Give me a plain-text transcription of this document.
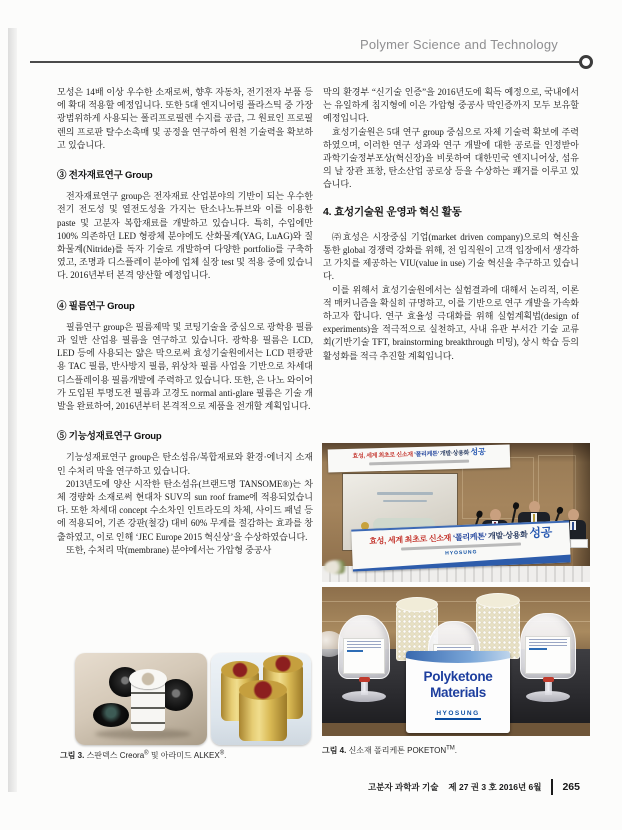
Polymer Science and Technology

모성은 14배 이상 우수한 소재로써, 향후 자동차, 전기전자 부품 등에 확대 적용할 예정입니다. 또한 5대 엔지니어링 플라스틱 중 가장 광범위하게 사용되는 폴리프로필렌 수지를 공급, 그 원료인 프로필렌의 프로판 탈수소촉매 및 공정을 연구하여 원천 기술력을 확보하고 있습니다.

③ 전자재료연구 Group

전자재료연구 group은 전자재료 산업분야의 기반이 되는 우수한 전기 전도성 및 열전도성을 가지는 탄소나노튜브와 이를 이용한 paste 및 고분자 복합재료를 개발하고 있습니다. 특히, 수입에만 100% 의존하던 LED 형광체 분야에도 산화물계(YAG, LuAG)와 질화물계(Nitride)를 독자 기술로 개발하여 다양한 portfolio를 구축하였고, 조명과 디스플레이 분야에 업체 실장 test 및 적용 중에 있습니다. 2016년부터 본격 양산할 예정입니다.

④ 필름연구 Group

필름연구 group은 필름제막 및 코팅기술을 중심으로 광학용 필름과 일반 산업용 필름을 연구하고 있습니다. 광학용 필름은 LCD, LED 등에 사용되는 얇은 막으로써 효성기술원에서는 LCD 편광판용 TAC 필름, 반사방지 필름, 위상차 필름 사업을 기반으로 차세대 디스플레이용 필름개발에 주력하고 있습니다. 또한, 은 나노 와이어가 도입된 투명도전 필름과 고경도 normal anti-glare 필름은 기술 개발을 완료하여, 2016년부터 본격적으로 제품을 전개할 계획입니다.

⑤ 기능성재료연구 Group

기능성재료연구 group은 탄소섬유/복합재료와 환경·에너지 소재인 수처리 막을 연구하고 있습니다.

2013년도에 양산 시작한 탄소섬유(브랜드명 TANSOME®)는 차체 경량화 소재로써 현대차 SUV의 sun roof frame에 적용되었습니다. 또한 차세대 concept 수소차인 인트라도의 차체, 사이드 패널 등에 적용되어, 기존 강판(철강) 대비 60% 무게를 절감하는 효과를 창출하였고, 이로 인해 ‘JEC Europe 2015 혁신상’을 수상하였습니다.

또한, 수처리 막(membrane) 분야에서는 가압형 중공사

막의 환경부 “신기술 인증”을 2016년도에 획득 예정으로, 국내에서는 유일하게 침지형에 이은 가압형 중공사 막인증까지 모두 보유할 예정입니다.

효성기술원은 5대 연구 group 중심으로 자체 기술력 확보에 주력하였으며, 이러한 연구 성과와 연구 개발에 대한 공로를 인정받아 과학기술정부포상(혁신장)을 비롯하여 대한민국 엔지니어상, 섬유의 날 장관 표창, 탄소산업 공로상 등을 수상하는 쾌거를 이루고 있습니다.

4. 효성기술원 운영과 혁신 활동

㈜효성은 시장중심 기업(market driven company)으로의 혁신을 통한 global 경쟁력 강화를 위해, 전 임직원이 고객 입장에서 생각하고 가치를 제공하는 VIU(value in use) 기술 혁신을 추구하고 있습니다.

이를 위해서 효성기술원에서는 실험결과에 대해서 논리적, 이론적 매커니즘을 확실히 규명하고, 이를 기반으로 연구 개발을 가속화하고자 합니다. 연구 효율성 극대화를 위해 실험계획법(design of experiments)을 적극적으로 실천하고, 사내 유관 부서간 기술 교류회(기반기술 TFT, brainstorming breakthrough 미팅), 상시 학습 등의 활성화를 적극 추진할 계획입니다.

그림 3. 스판덱스 Creora® 및 아라미드 ALKEX®.
효성, 세계 최초로 신소재 ‘폴리케톤’ 개발·상용화 성공
효성, 세계 최초로 신소재 ‘폴리케톤’ 개발·상용화 성공
HYOSUNG
Polyketone
Materials
HYOSUNG
그림 4. 신소재 폴리케톤 POKETON™.
고분자 과학과 기술 제 27 권 3 호 2016년 6월 265
